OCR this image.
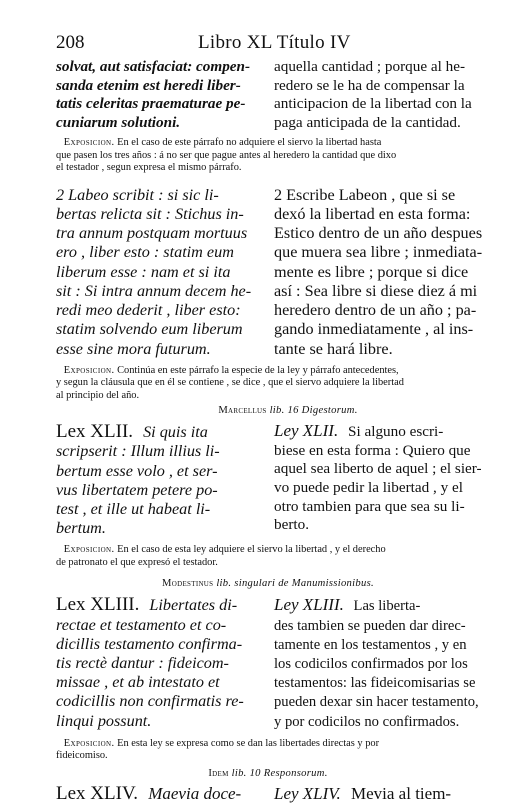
208	Libro XL Título IV
solvat, aut satisfaciat: compen-
sanda etenim est heredi liber-
tatis celeritas praematurae pe-
cuniarum solutioni.
aquella cantidad ; porque al he-
redero se le ha de compensar la
anticipacion de la libertad con la
paga anticipada de la cantidad.
Exposicion. En el caso de este párrafo no adquiere el siervo la libertad hasta
que pasen los tres años : á no ser que pague antes al heredero la cantidad que dixo
el testador , segun expresa el mismo párrafo.
2 Labeo scribit : si sic li-
bertas relicta sit : Stichus in-
tra annum postquam mortuus
ero , liber esto : statim eum
liberum esse : nam et si ita
sit : Si intra annum decem he-
redi meo dederit , liber esto:
statim solvendo eum liberum
esse sine mora futurum.
2 Escribe Labeon , que si se
dexó la libertad en esta forma:
Estico dentro de un año despues
que muera sea libre ; inmediata-
mente es libre ; porque si dice
así : Sea libre si diese diez á mi
heredero dentro de un año ; pa-
gando inmediatamente , al ins-
tante se hará libre.
Exposicion. Continúa en este párrafo la especie de la ley y párrafo antecedentes,
y segun la cláusula que en él se contiene , se dice , que el siervo adquiere la libertad
al principio del año.
Marcellus lib. 16 Digestorum.
Lex XLII. Si quis ita
scripserit : Illum illius li-
bertum esse volo , et ser-
vus libertatem petere po-
test , et ille ut habeat li-
bertum.
Ley XLII. Si alguno escri-
biese en esta forma : Quiero que
aquel sea liberto de aquel ; el sier-
vo puede pedir la libertad , y el
otro tambien para que sea su li-
berto.
Exposicion. En el caso de esta ley adquiere el siervo la libertad , y el derecho
de patronato el que expresó el testador.
Modestinus lib. singulari de Manumissionibus.
Lex XLIII. Libertates di-
rectae et testamento et co-
dicillis testamento confirma-
tis rectè dantur : fideicom-
missae , et ab intestato et
codicillis non confirmatis re-
linqui possunt.
Ley XLIII. Las liberta-
des tambien se pueden dar direc-
tamente en los testamentos , y en
los codicilos confirmados por los
testamentos: las fideicomisarias se
pueden dexar sin hacer testamento,
y por codicilos no confirmados.
Exposicion. En esta ley se expresa como se dan las libertades directas y por
fideicomiso.
Idem lib. 10 Responsorum.
Lex XLIV. Maevia doce-	Ley XLIV. Mevia al tiem-
